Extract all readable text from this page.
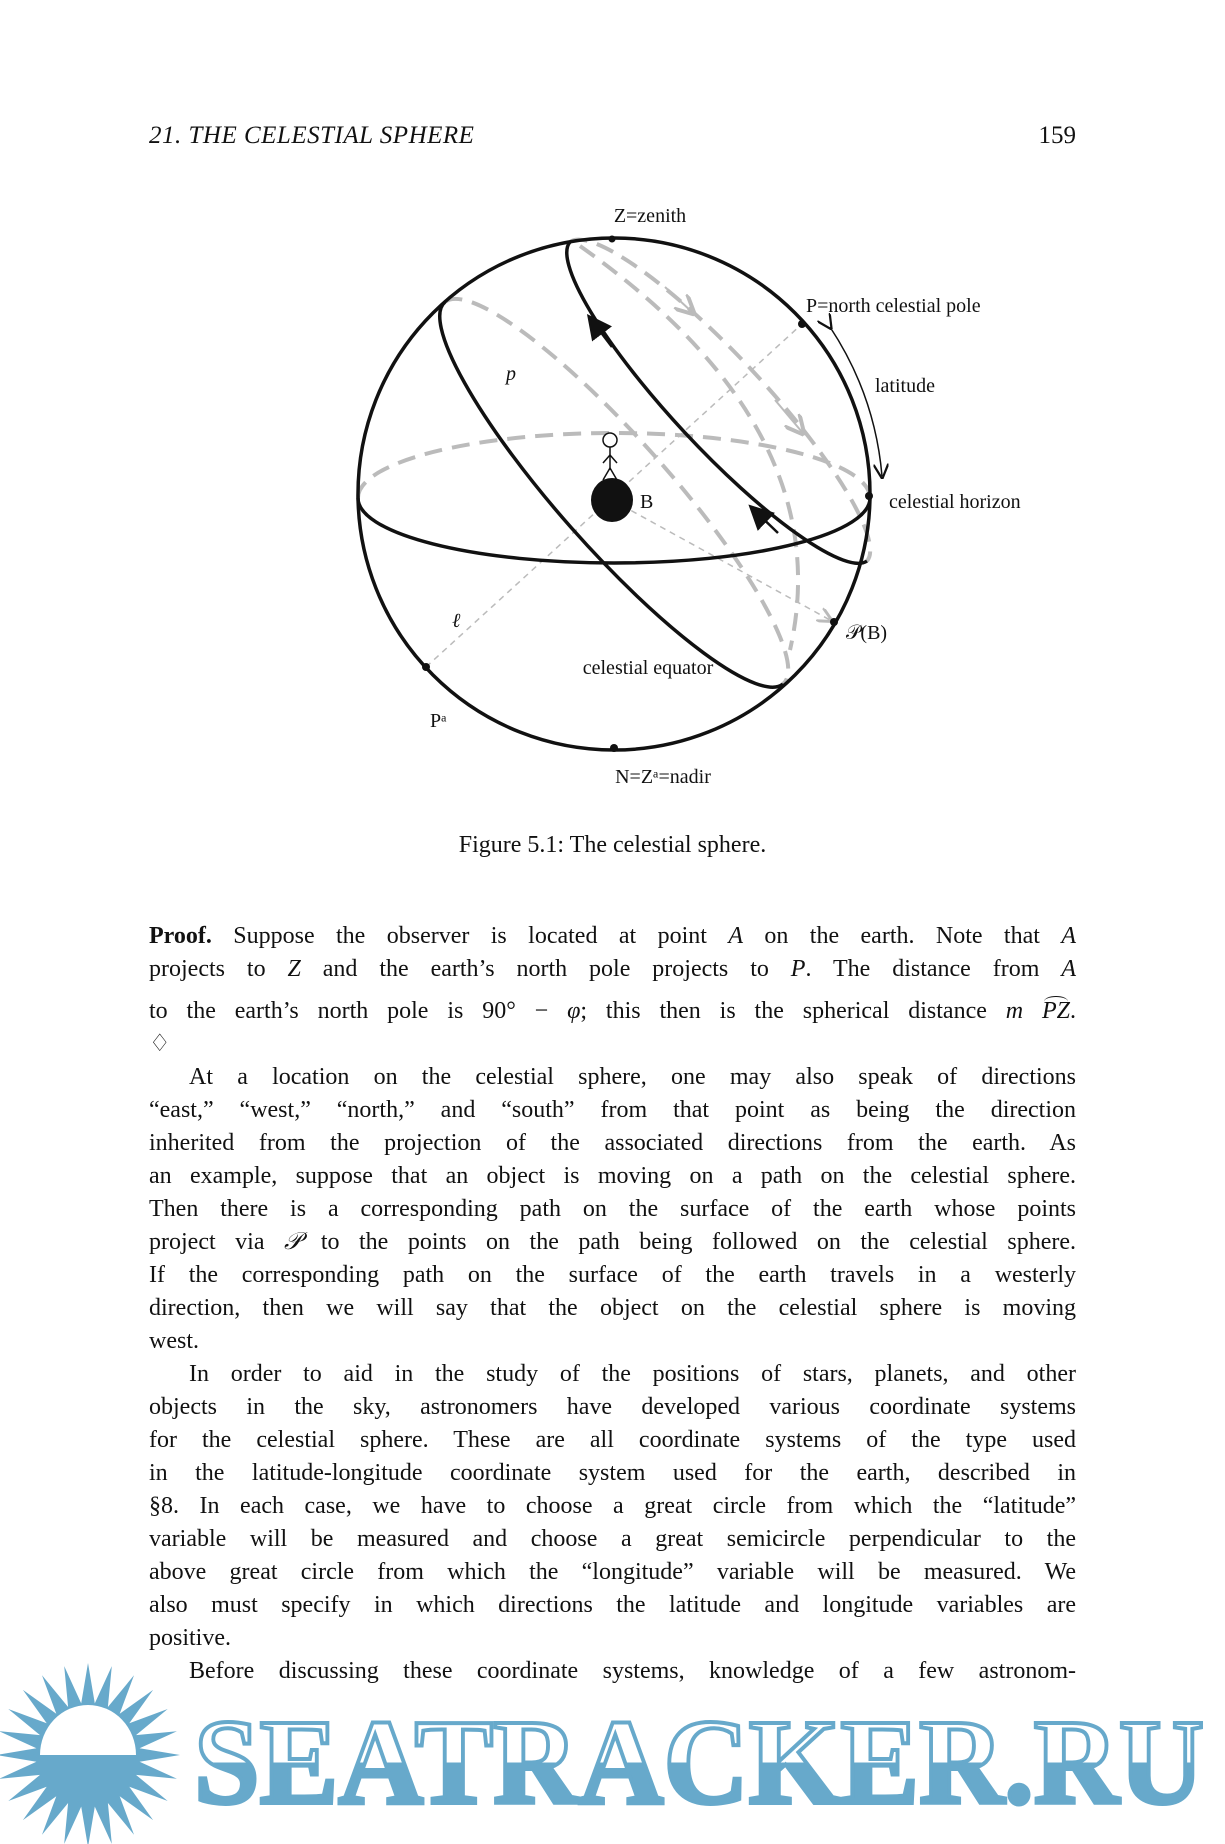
21. THE CELESTIAL SPHERE	159
Z=zenith
P=north celestial pole
latitude
celestial horizon
B
𝒫(B)
p
ℓ
celestial equator
Pᵃ
N=Zᵃ=nadir
Figure 5.1: The celestial sphere.
Proof. Suppose the observer is located at point A on the earth. Note that A
projects to Z and the earth’s north pole projects to P. The distance from A
to the earth’s north pole is 90° − φ; this then is the spherical distance m PZ.
♢
At a location on the celestial sphere, one may also speak of directions
“east,” “west,” “north,” and “south” from that point as being the direction
inherited from the projection of the associated directions from the earth. As
an example, suppose that an object is moving on a path on the celestial sphere.
Then there is a corresponding path on the surface of the earth whose points
project via 𝒫 to the points on the path being followed on the celestial sphere.
If the corresponding path on the surface of the earth travels in a westerly
direction, then we will say that the object on the celestial sphere is moving
west.
In order to aid in the study of the positions of stars, planets, and other
objects in the sky, astronomers have developed various coordinate systems
for the celestial sphere. These are all coordinate systems of the type used
in the latitude-longitude coordinate system used for the earth, described in
§8. In each case, we have to choose a great circle from which the “latitude”
variable will be measured and choose a great semicircle perpendicular to the
above great circle from which the “longitude” variable will be measured. We
also must specify in which directions the latitude and longitude variables are
positive.
Before discussing these coordinate systems, knowledge of a few astronom-
SEATRACKER.RU
